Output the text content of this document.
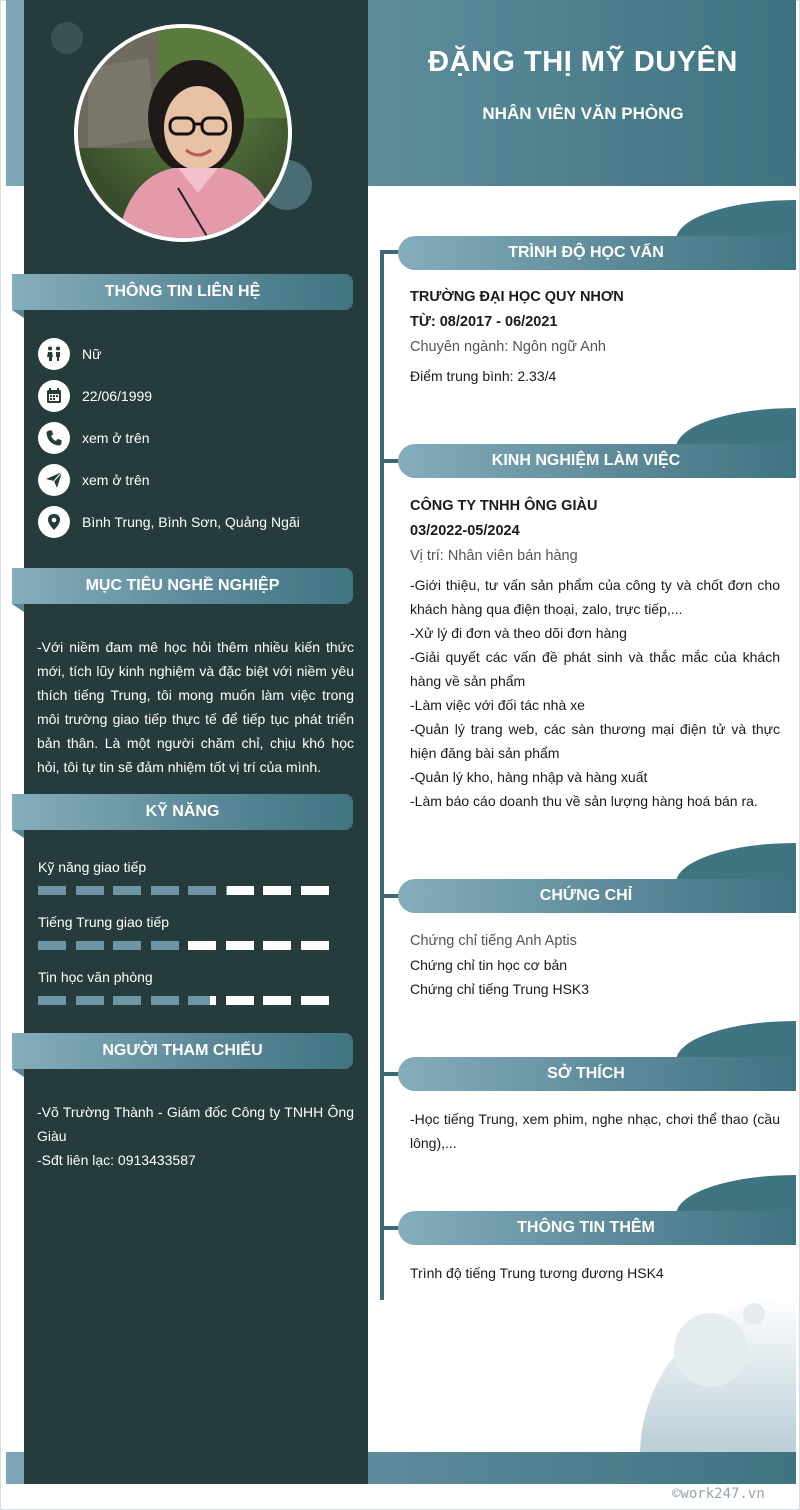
ĐẶNG THỊ MỸ DUYÊN
NHÂN VIÊN VĂN PHÒNG
THÔNG TIN LIÊN HỆ
Nữ
22/06/1999
xem ở trên
xem ở trên
Bình Trung, Bình Sơn, Quảng Ngãi
MỤC TIÊU NGHỀ NGHIỆP
-Với niềm đam mê học hỏi thêm nhiều kiến thức mới, tích lũy kinh nghiệm và đặc biệt với niềm yêu thích tiếng Trung, tôi mong muốn làm việc trong môi trường giao tiếp thực tế để tiếp tục phát triển bản thân. Là một người chăm chỉ, chịu khó học hỏi, tôi tự tin sẽ đảm nhiệm tốt vị trí của mình.
KỸ NĂNG
Kỹ năng giao tiếp
Tiếng Trung giao tiếp
Tin học văn phòng
NGƯỜI THAM CHIẾU
-Võ Trường Thành - Giám đốc Công ty TNHH Ông Giàu
-Sđt liên lạc: 0913433587
TRÌNH ĐỘ HỌC VẤN
TRƯỜNG ĐẠI HỌC QUY NHƠN
TỪ: 08/2017 - 06/2021
Chuyên ngành: Ngôn ngữ Anh
Điểm trung bình: 2.33/4
KINH NGHIỆM LÀM VIỆC
CÔNG TY TNHH ÔNG GIÀU
03/2022-05/2024
Vị trí: Nhân viên bán hàng
-Giới thiệu, tư vấn sản phẩm của công ty và chốt đơn cho khách hàng qua điện thoại, zalo, trực tiếp,...
-Xử lý đi đơn và theo dõi đơn hàng
-Giải quyết các vấn đề phát sinh và thắc mắc của khách hàng về sản phẩm
-Làm việc với đối tác nhà xe
-Quản lý trang web, các sàn thương mại điện tử và thực hiện đăng bài sản phẩm
-Quản lý kho, hàng nhập và hàng xuất
-Làm báo cáo doanh thu về sản lượng hàng hoá bán ra.
CHỨNG CHỈ
Chứng chỉ tiếng Anh Aptis
Chứng chỉ tin học cơ bản
Chứng chỉ tiếng Trung HSK3
SỞ THÍCH
-Học tiếng Trung, xem phim, nghe nhạc, chơi thể thao (cầu lông),...
THÔNG TIN THÊM
Trình độ tiếng Trung tương đương HSK4
©work247.vn
